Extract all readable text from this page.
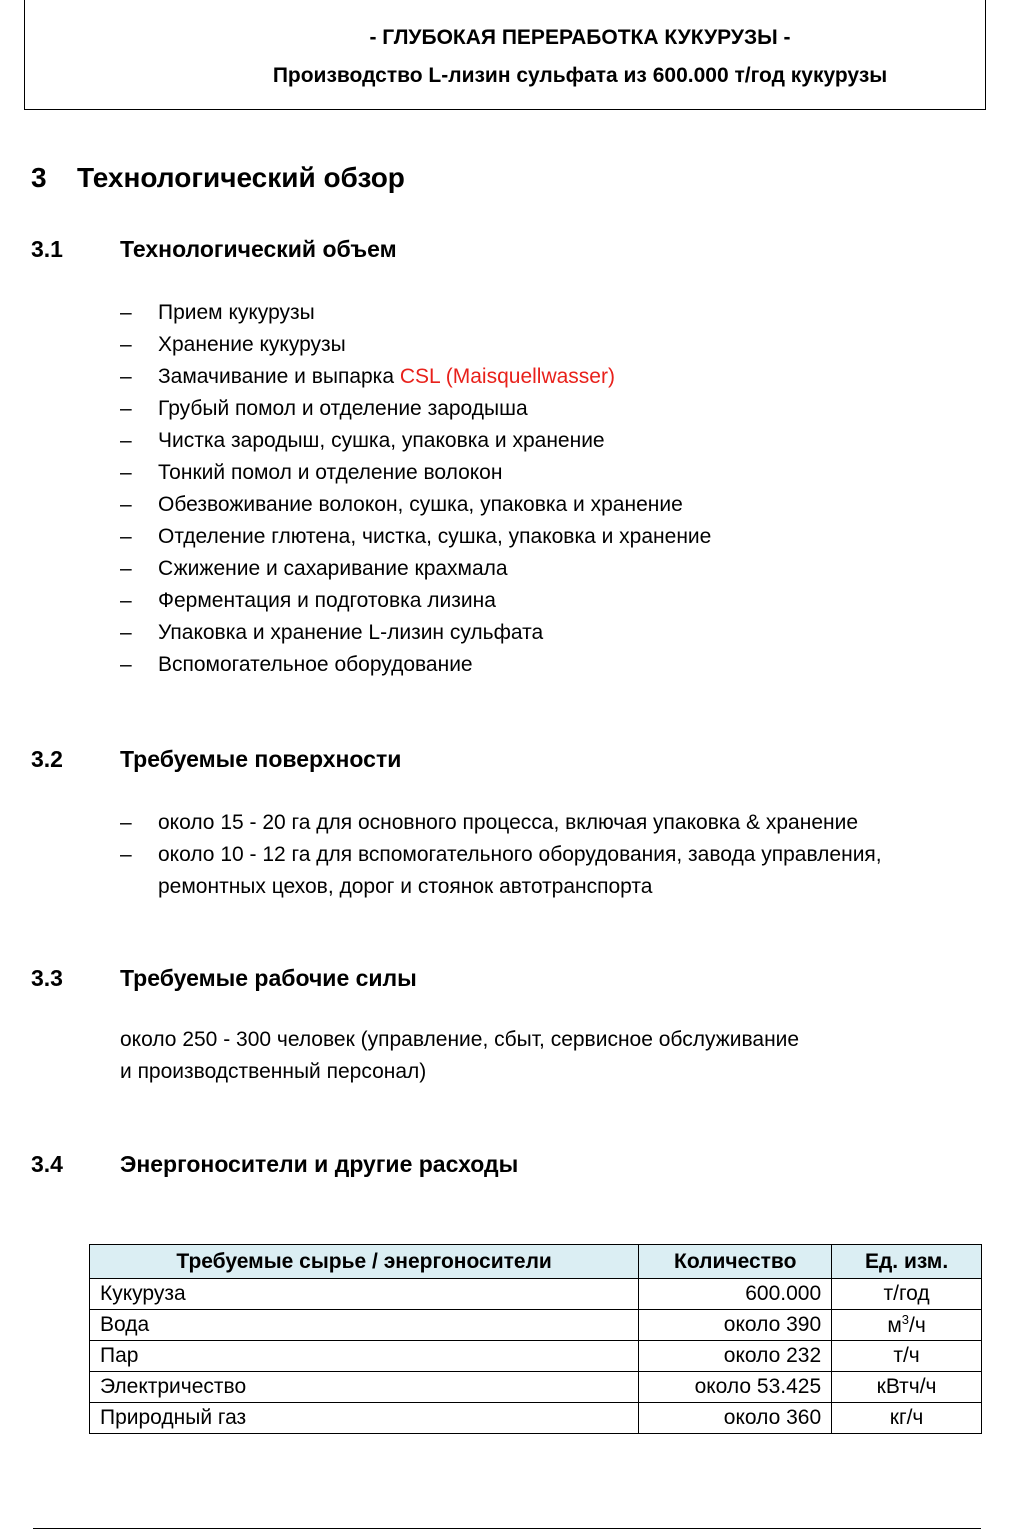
- ГЛУБОКАЯ ПЕРЕРАБОТКА КУКУРУЗЫ -
Производство L-лизин сульфата из 600.000 т/год кукурузы
3 Технологический обзор
3.1 Технологический объем
–	Прием кукурузы
–	Хранение кукурузы
–	Замачивание и выпарка CSL (Maisquellwasser)
–	Грубый помол и отделение зародыша
–	Чистка зародыш, сушка, упаковка и хранение
–	Тонкий помол и отделение волокон
–	Обезвоживание волокон, сушка, упаковка и хранение
–	Отделение глютена, чистка, сушка, упаковка и хранение
–	Сжижение и сахаривание крахмала
–	Ферментация и подготовка лизина
–	Упаковка и хранение L-лизин сульфата
–	Вспомогательное оборудование
3.2 Требуемые поверхности
–	около 15 - 20 га для основного процесса, включая упаковка & хранение
–	около 10 - 12 га для вспомогательного оборудования, завода управления,
ремонтных цехов, дорог и стоянок автотранспорта
3.3 Требуемые рабочие силы
около 250 - 300 человек (управление, сбыт, сервисное обслуживание
и производственный персонал)
3.4 Энергоносители и другие расходы
Требуемые сырье / энергоносители	Количество	Ед. изм.
Кукуруза	600.000	т/год
Вода	около 390	$м^3/ч$
Пар	около 232	т/ч
Электричество	около 53.425	кВтч/ч
Природный газ	около 360	кг/ч
